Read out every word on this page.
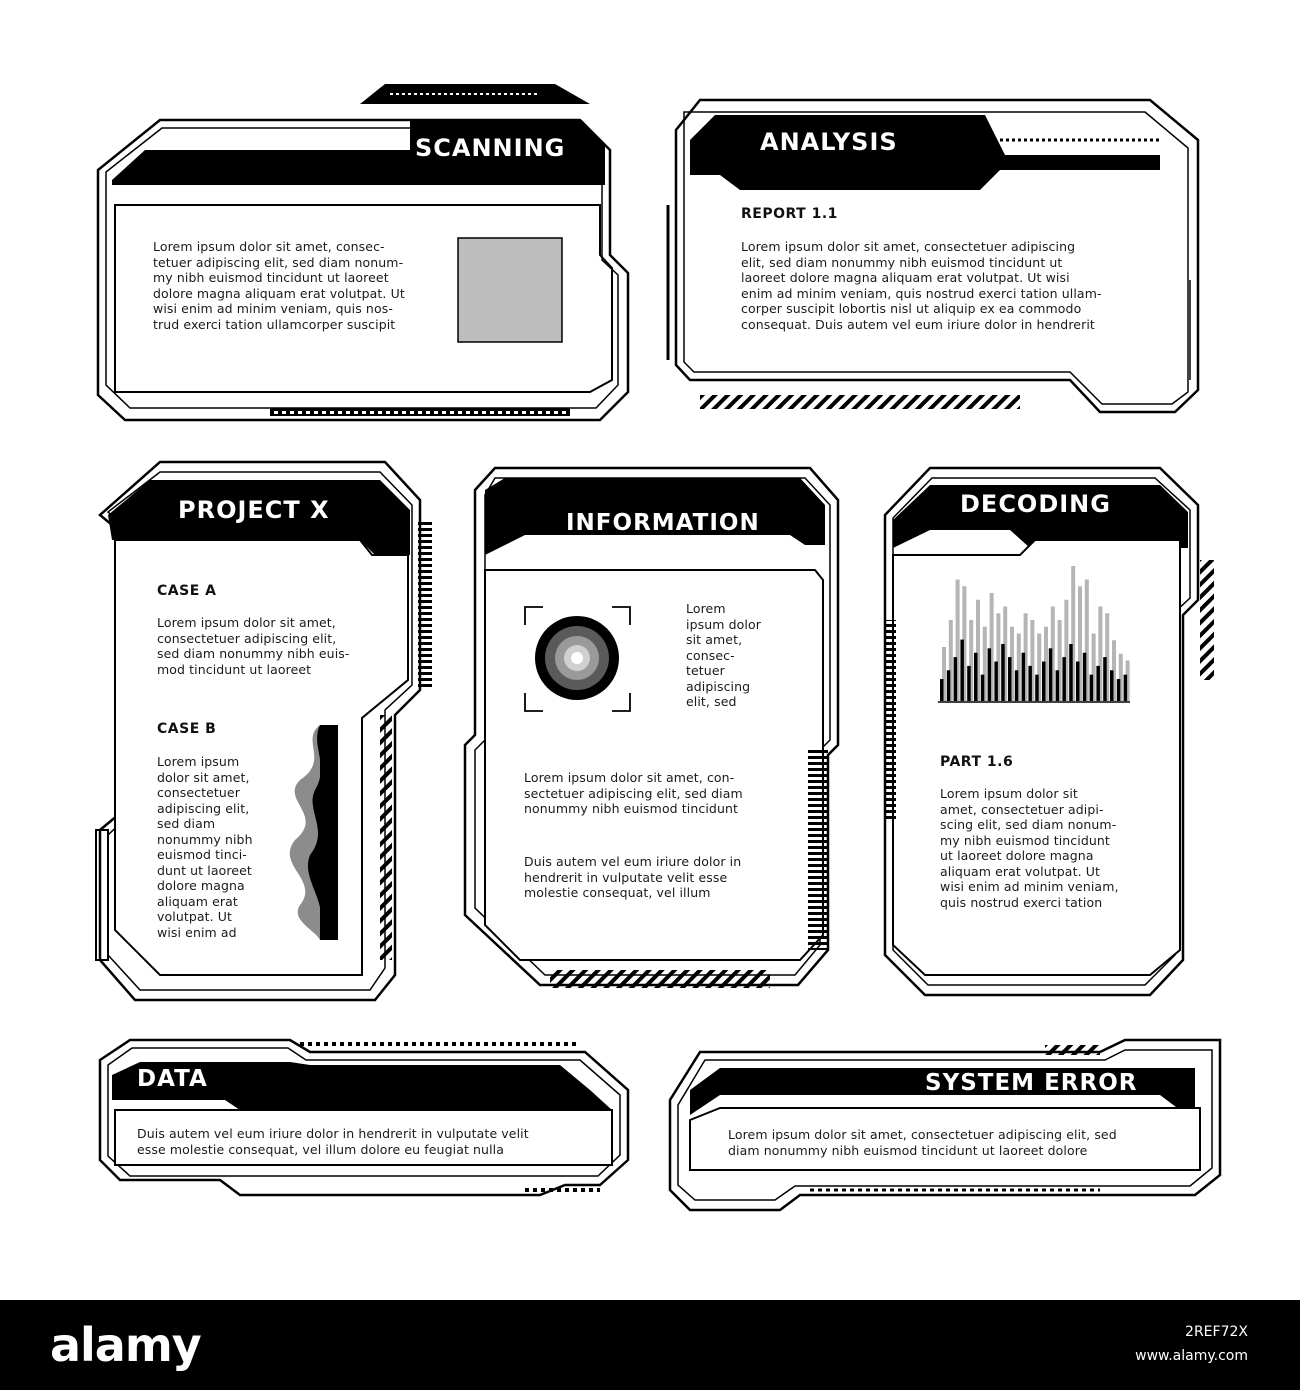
SCANNING
Lorem ipsum dolor sit amet, consec-
tetuer adipiscing elit, sed diam nonum-
my nibh euismod tincidunt ut laoreet
dolore magna aliquam erat volutpat. Ut
wisi enim ad minim veniam, quis nos-
trud exerci tation ullamcorper suscipit
ANALYSIS
REPORT 1.1
Lorem ipsum dolor sit amet, consectetuer adipiscing
elit, sed diam nonummy nibh euismod tincidunt ut
laoreet dolore magna aliquam erat volutpat. Ut wisi
enim ad minim veniam, quis nostrud exerci tation ullam-
corper suscipit lobortis nisl ut aliquip ex ea commodo
consequat. Duis autem vel eum iriure dolor in hendrerit
PROJECT X
CASE A
Lorem ipsum dolor sit amet,
consectetuer adipiscing elit,
sed diam nonummy nibh euis-
mod tincidunt ut laoreet
CASE B
Lorem ipsum
dolor sit amet,
consectetuer
adipiscing elit,
sed diam
nonummy nibh
euismod tinci-
dunt ut laoreet
dolore magna
aliquam erat
volutpat. Ut
wisi enim ad
INFORMATION
Lorem
ipsum dolor
sit amet,
consec-
tetuer
adipiscing
elit, sed
Lorem ipsum dolor sit amet, con-
sectetuer adipiscing elit, sed diam
nonummy nibh euismod tincidunt
Duis autem vel eum iriure dolor in
hendrerit in vulputate velit esse
molestie consequat, vel illum
DECODING
PART 1.6
Lorem ipsum dolor sit
amet, consectetuer adipi-
scing elit, sed diam nonum-
my nibh euismod tincidunt
ut laoreet dolore magna
aliquam erat volutpat. Ut
wisi enim ad minim veniam,
quis nostrud exerci tation
DATA
Duis autem vel eum iriure dolor in hendrerit in vulputate velit
esse molestie consequat, vel illum dolore eu feugiat nulla
SYSTEM ERROR
Lorem ipsum dolor sit amet, consectetuer adipiscing elit, sed
diam nonummy nibh euismod tincidunt ut laoreet dolore
alamy	2REF72X
www.alamy.com
